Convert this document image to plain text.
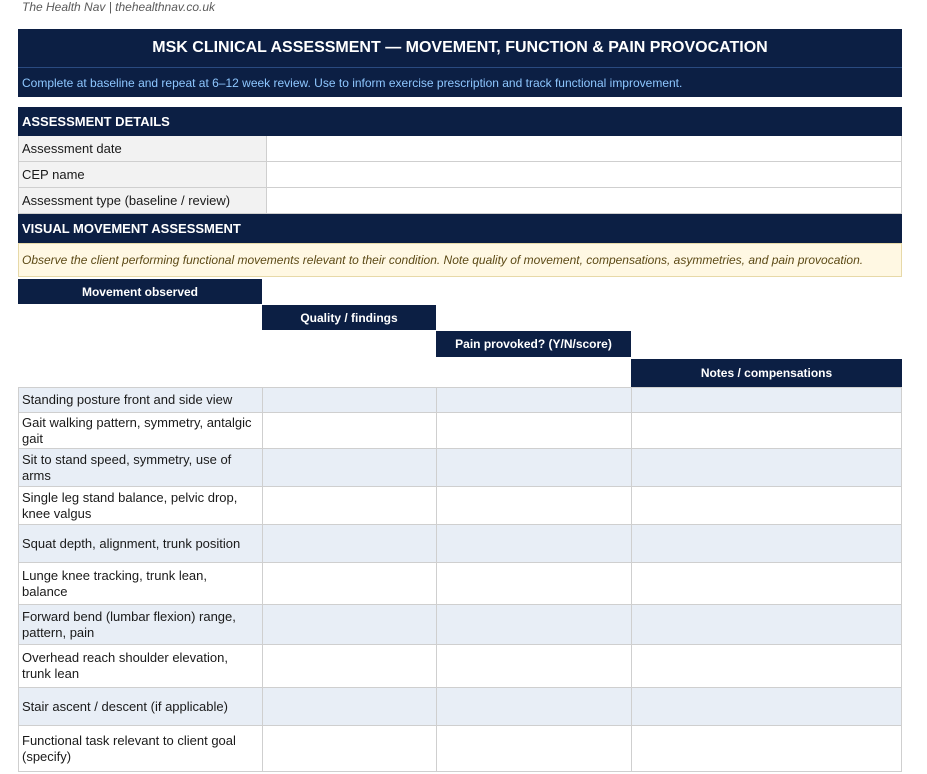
The Health Nav | thehealthnav.co.uk
MSK CLINICAL ASSESSMENT — MOVEMENT, FUNCTION & PAIN PROVOCATION
Complete at baseline and repeat at 6–12 week review. Use to inform exercise prescription and track functional improvement.
ASSESSMENT DETAILS
Assessment date
CEP name
Assessment type (baseline / review)
VISUAL MOVEMENT ASSESSMENT
Observe the client performing functional movements relevant to their condition. Note quality of movement, compensations, asymmetries, and pain provocation.
Movement observed
Quality / findings
Pain provoked? (Y/N/score)
Notes / compensations
Standing posture front and side view
Gait walking pattern, symmetry, antalgic gait
Sit to stand speed, symmetry, use of arms
Single leg stand balance, pelvic drop, knee valgus
Squat depth, alignment, trunk position
Lunge knee tracking, trunk lean, balance
Forward bend (lumbar flexion) range, pattern, pain
Overhead reach shoulder elevation, trunk lean
Stair ascent / descent (if applicable)
Functional task relevant to client goal (specify)
